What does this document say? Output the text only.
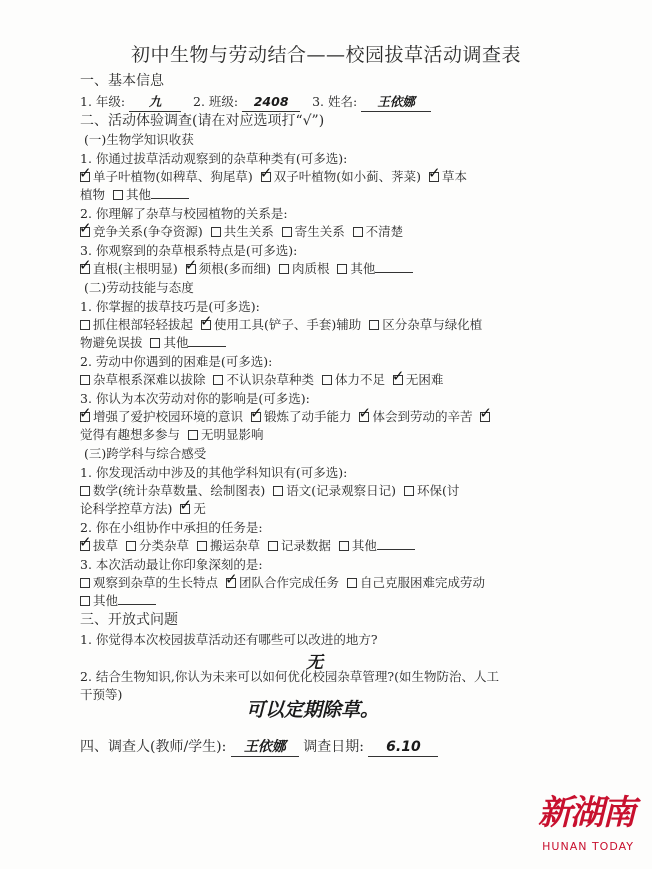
初中生物与劳动结合——校园拔草活动调查表
一、基本信息
1. 年级: 九	2. 班级: 2408 3. 姓名: 王依娜
二、活动体验调查(请在对应选项打“√”)
(一)生物学知识收获
1. 你通过拔草活动观察到的杂草种类有(可多选):
✓ 单子叶植物(如稗草、狗尾草) ✓ 双子叶植物(如小蓟、荠菜) ✓ 草本
植物 其他
2. 你理解了杂草与校园植物的关系是:
✓ 竞争关系(争夺资源) 共生关系 寄生关系 不清楚
3. 你观察到的杂草根系特点是(可多选):
✓ 直根(主根明显) ✓ 须根(多而细) 肉质根 其他
(二)劳动技能与态度
1. 你掌握的拔草技巧是(可多选):
抓住根部轻轻拔起 ✓ 使用工具(铲子、手套)辅助 区分杂草与绿化植
物避免误拔 其他
2. 劳动中你遇到的困难是(可多选):
杂草根系深难以拔除 不认识杂草种类 体力不足 ✓ 无困难
3. 你认为本次劳动对你的影响是(可多选):
✓ 增强了爱护校园环境的意识 ✓ 锻炼了动手能力 ✓ 体会到劳动的辛苦 ✓
觉得有趣想多参与 无明显影响
(三)跨学科与综合感受
1. 你发现活动中涉及的其他学科知识有(可多选):
数学(统计杂草数量、绘制图表) 语文(记录观察日记) 环保(讨
论科学控草方法) ✓ 无
2. 你在小组协作中承担的任务是:
✓ 拔草 分类杂草 搬运杂草 记录数据 其他
3. 本次活动最让你印象深刻的是:
观察到杂草的生长特点 ✓ 团队合作完成任务 自己克服困难完成劳动
其他
三、开放式问题
1. 你觉得本次校园拔草活动还有哪些可以改进的地方?
无
2. 结合生物知识,你认为未来可以如何优化校园杂草管理?(如生物防治、人工
干预等)
可以定期除草。
四、调查人(教师/学生): 王依娜 调查日期: 6.10
新湖南
HUNAN TODAY
